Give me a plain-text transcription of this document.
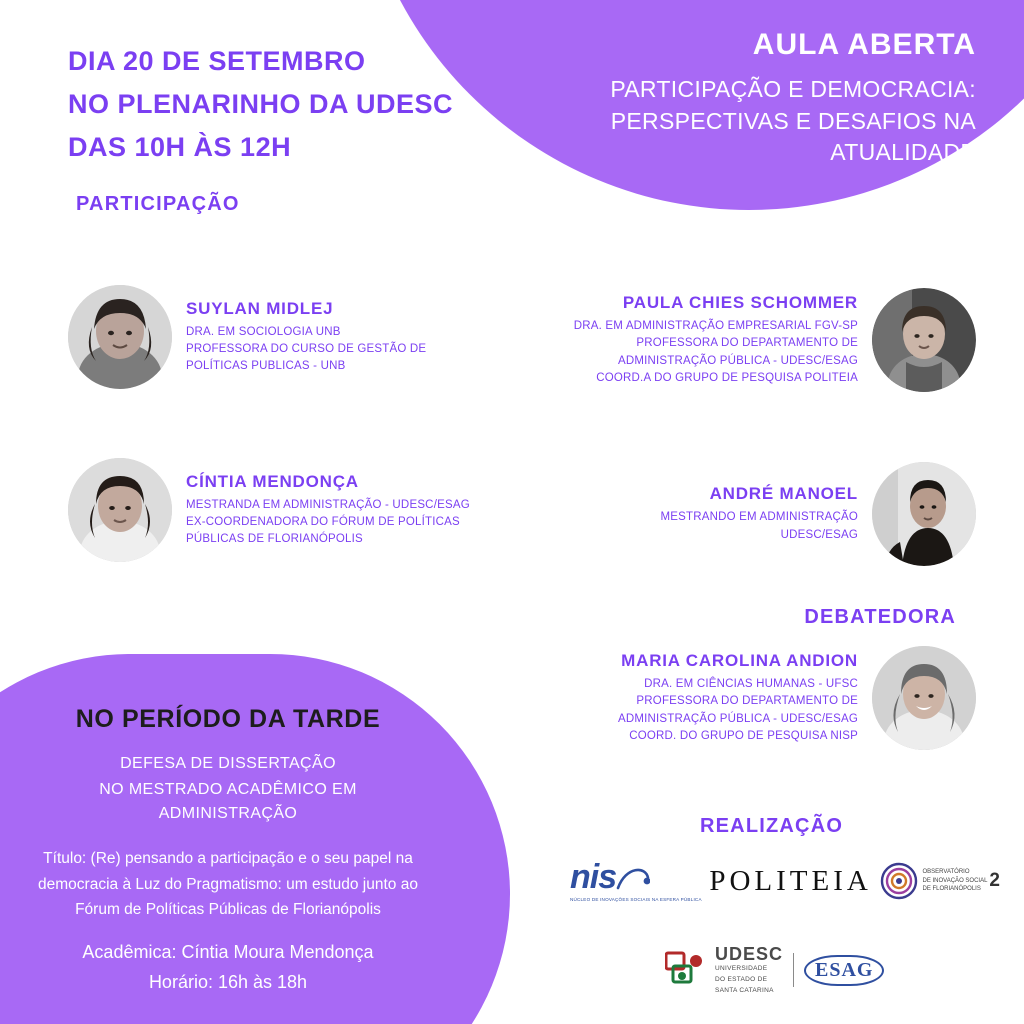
DIA 20 DE SETEMBRO
NO PLENARINHO DA UDESC
DAS 10H ÀS 12H
PARTICIPAÇÃO
AULA ABERTA
PARTICIPAÇÃO E DEMOCRACIA:
PERSPECTIVAS E DESAFIOS NA
ATUALIDADE
SUYLAN MIDLEJ
DRA. EM SOCIOLOGIA UNB
PROFESSORA DO CURSO DE GESTÃO DE
POLÍTICAS PUBLICAS - UNB
CÍNTIA MENDONÇA
MESTRANDA EM ADMINISTRAÇÃO - UDESC/ESAG
EX-COORDENADORA DO FÓRUM DE POLÍTICAS
PÚBLICAS DE FLORIANÓPOLIS
PAULA CHIES SCHOMMER
DRA. EM ADMINISTRAÇÃO EMPRESARIAL FGV-SP
PROFESSORA DO DEPARTAMENTO DE
ADMINISTRAÇÃO PÚBLICA - UDESC/ESAG
COORD.A DO GRUPO DE PESQUISA POLITEIA
ANDRÉ MANOEL
MESTRANDO EM ADMINISTRAÇÃO
UDESC/ESAG
DEBATEDORA
MARIA CAROLINA ANDION
DRA. EM CIÊNCIAS HUMANAS - UFSC
PROFESSORA DO DEPARTAMENTO DE
ADMINISTRAÇÃO PÚBLICA - UDESC/ESAG
COORD. DO GRUPO DE PESQUISA NISP
NO PERÍODO DA TARDE
DEFESA DE DISSERTAÇÃO
NO MESTRADO ACADÊMICO EM ADMINISTRAÇÃO
Título: (Re) pensando a participação e o seu papel na
democracia à Luz do Pragmatismo: um estudo junto ao
Fórum de Políticas Públicas de Florianópolis
Acadêmica: Cíntia Moura Mendonça
Horário: 16h às 18h
REALIZAÇÃO
nis
NÚCLEO DE INOVAÇÕES SOCIAIS NA ESFERA PÚBLICA
POLITEIA	OBSERVATÓRIO
DE INOVAÇÃO SOCIAL
DE FLORIANÓPOLIS 2
UDESC
UNIVERSIDADE
DO ESTADO DE
SANTA CATARINA
ESAG
